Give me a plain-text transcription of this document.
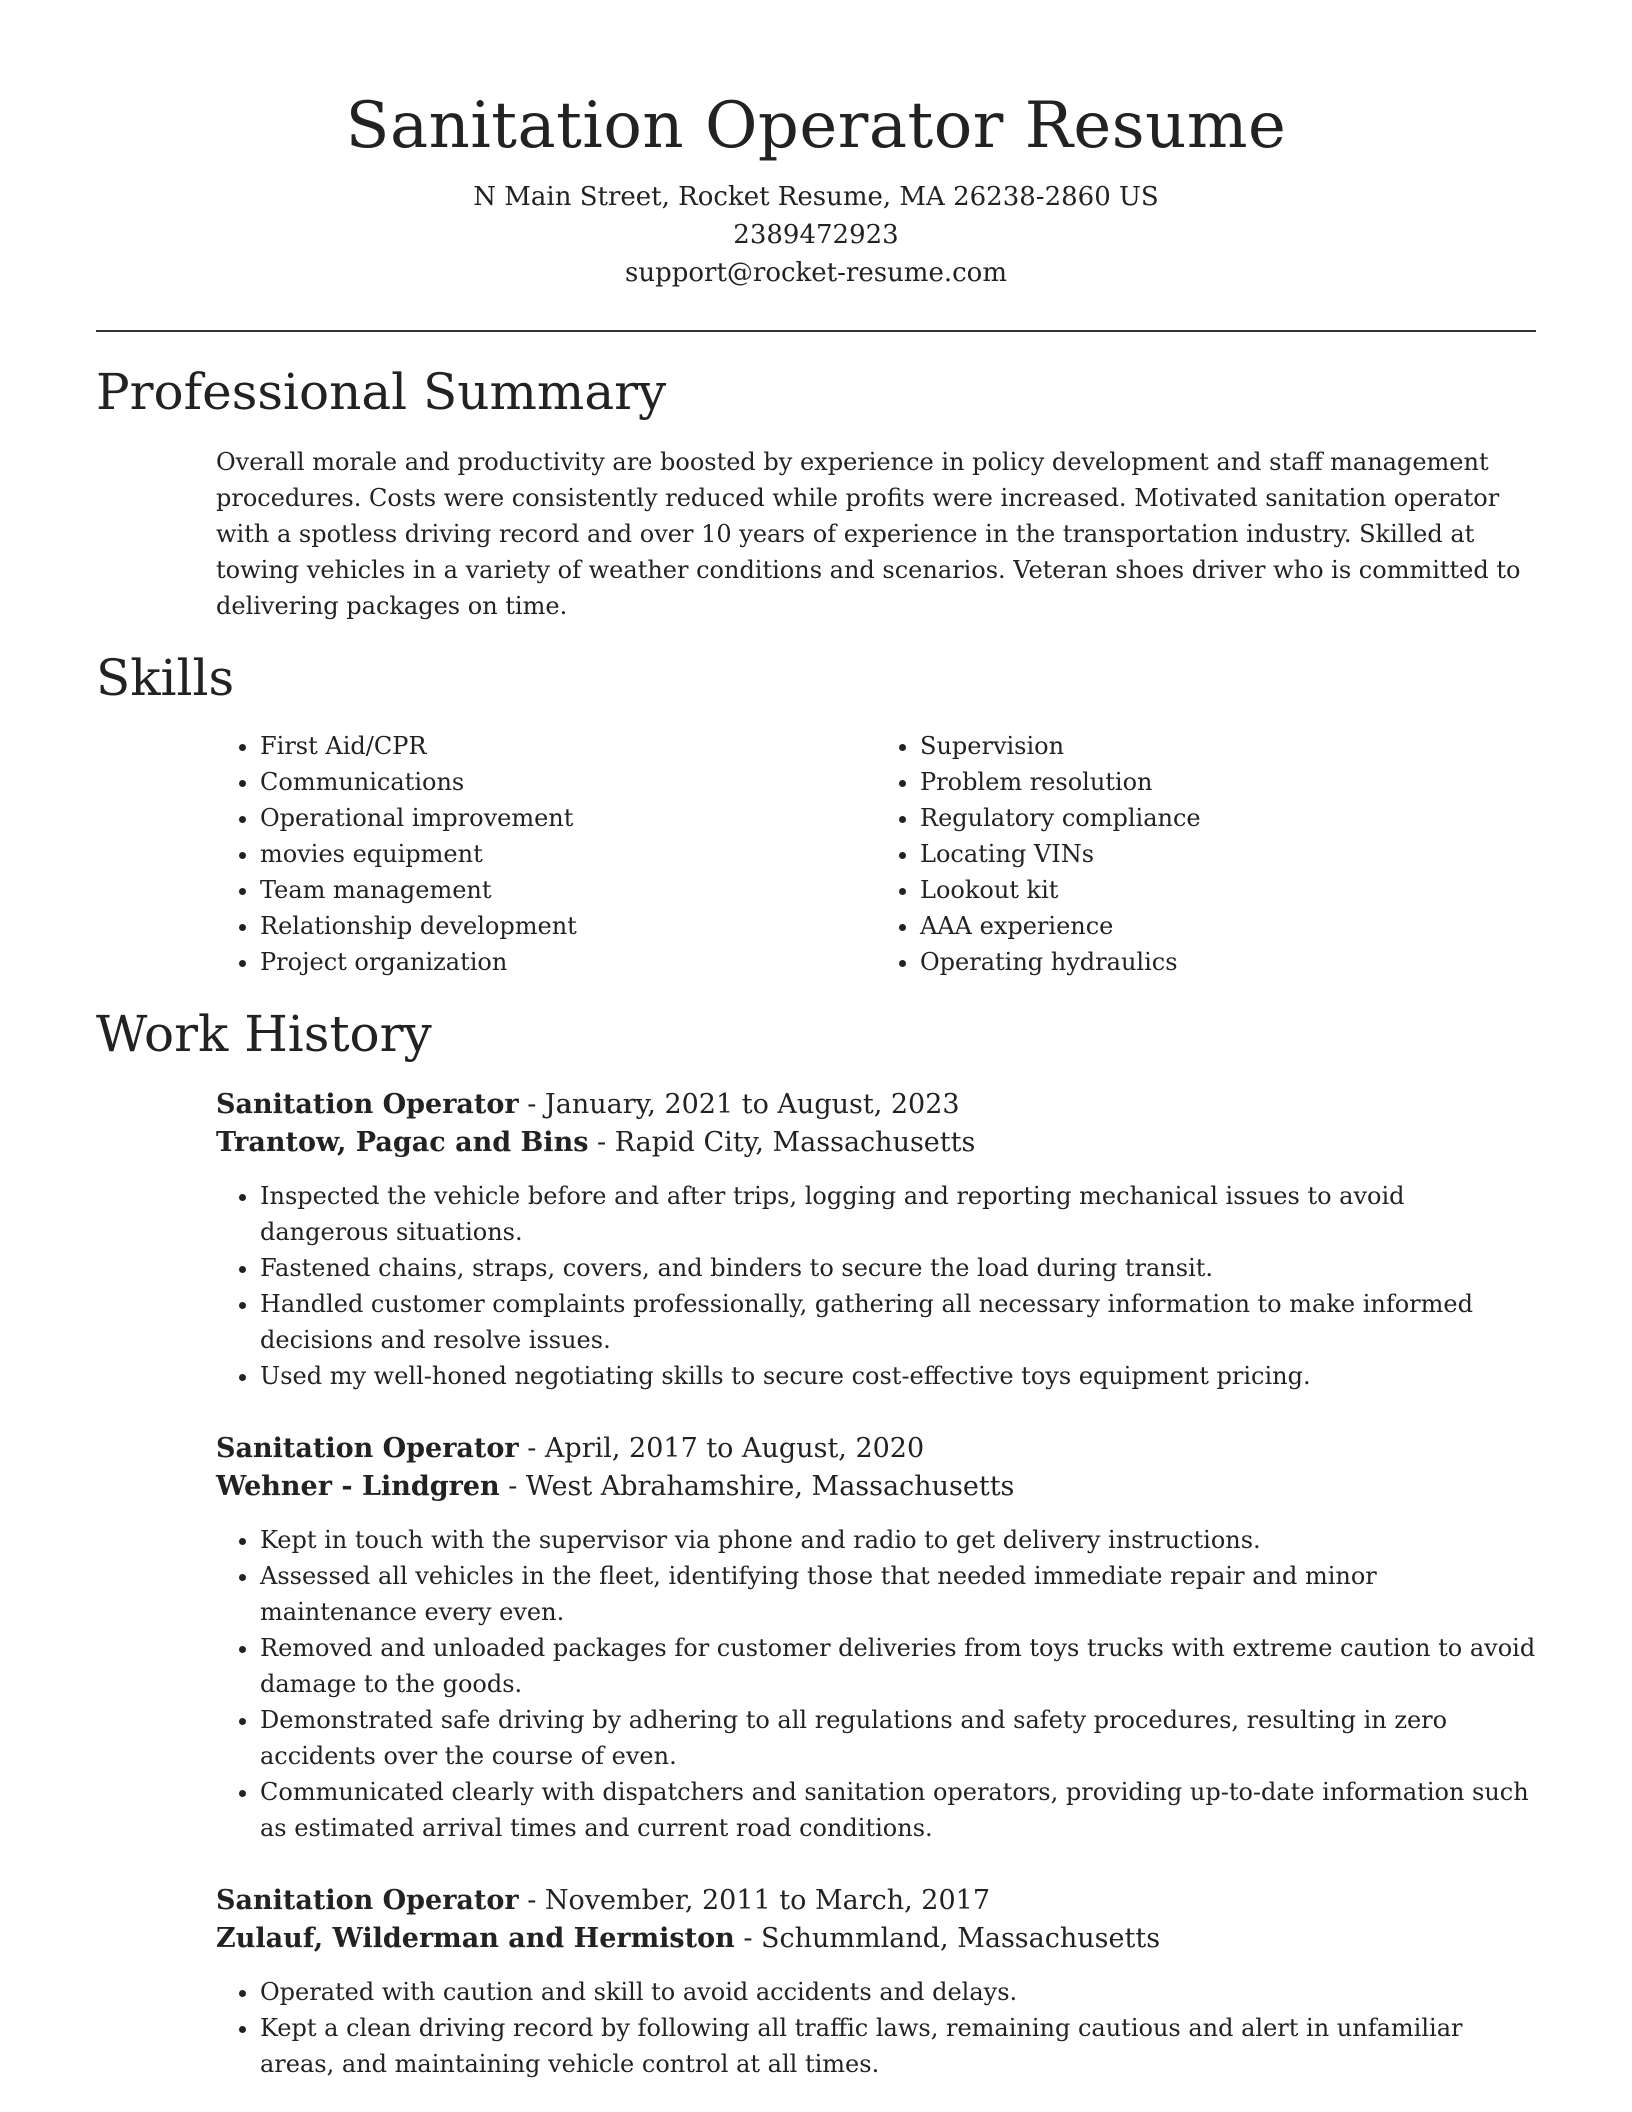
Sanitation Operator Resume

N Main Street, Rocket Resume, MA 26238-2860 US

2389472923

support@rocket-resume.com

Professional Summary

Overall morale and productivity are boosted by experience in policy development and staff management procedures. Costs were consistently reduced while profits were increased. Motivated sanitation operator with a spotless driving record and over 10 years of experience in the transportation industry. Skilled at towing vehicles in a variety of weather conditions and scenarios. Veteran shoes driver who is committed to delivering packages on time.

Skills
• First Aid/CPR
• Communications
• Operational improvement
• movies equipment
• Team management
• Relationship development
• Project organization
• Supervision
• Problem resolution
• Regulatory compliance
• Locating VINs
• Lookout kit
• AAA experience
• Operating hydraulics
Work History

Sanitation Operator - January, 2021 to August, 2023

Trantow, Pagac and Bins - Rapid City, Massachusetts

• Inspected the vehicle before and after trips, logging and reporting mechanical issues to avoid dangerous situations.
• Fastened chains, straps, covers, and binders to secure the load during transit.
• Handled customer complaints professionally, gathering all necessary information to make informed decisions and resolve issues.
• Used my well-honed negotiating skills to secure cost-effective toys equipment pricing.

Sanitation Operator - April, 2017 to August, 2020

Wehner - Lindgren - West Abrahamshire, Massachusetts

• Kept in touch with the supervisor via phone and radio to get delivery instructions.
• Assessed all vehicles in the fleet, identifying those that needed immediate repair and minor maintenance every even.
• Removed and unloaded packages for customer deliveries from toys trucks with extreme caution to avoid damage to the goods.
• Demonstrated safe driving by adhering to all regulations and safety procedures, resulting in zero accidents over the course of even.
• Communicated clearly with dispatchers and sanitation operators, providing up-to-date information such as estimated arrival times and current road conditions.

Sanitation Operator - November, 2011 to March, 2017

Zulauf, Wilderman and Hermiston - Schummland, Massachusetts

• Operated with caution and skill to avoid accidents and delays.
• Kept a clean driving record by following all traffic laws, remaining cautious and alert in unfamiliar areas, and maintaining vehicle control at all times.
